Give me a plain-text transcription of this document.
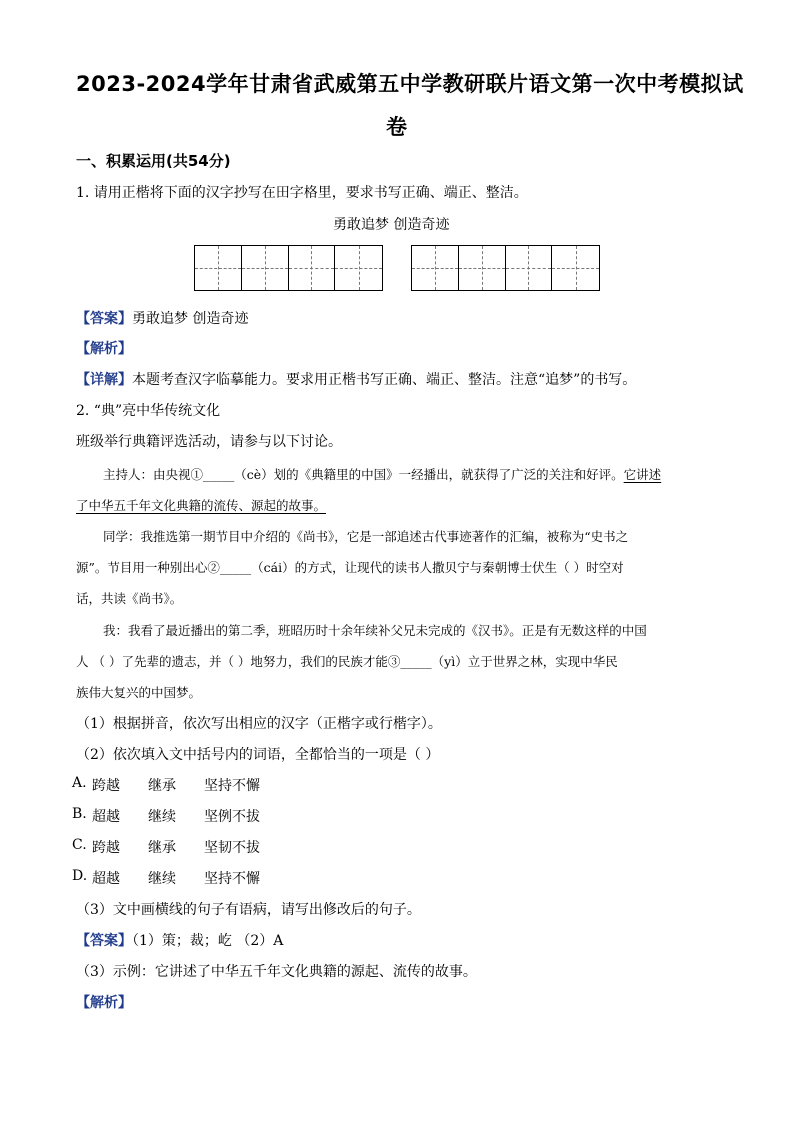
2023-2024学年甘肃省武威第五中学教研联片语文第一次中考模拟试
卷
一、积累运用(共54分)
1. 请用正楷将下面的汉字抄写在田字格里，要求书写正确、端正、整洁。
勇敢追梦 创造奇迹
【答案】勇敢追梦 创造奇迹
【解析】
【详解】本题考查汉字临摹能力。要求用正楷书写正确、端正、整洁。注意“追梦”的书写。
2. “典”亮中华传统文化
班级举行典籍评选活动，请参与以下讨论。
主持人：由央视①_____（cè）划的《典籍里的中国》一经播出，就获得了广泛的关注和好评。它讲述
了中华五千年文化典籍的流传、源起的故事。
同学：我推选第一期节目中介绍的《尚书》，它是一部追述古代事迹著作的汇编，被称为“史书之
源”。节目用一种别出心②_____（cái）的方式，让现代的读书人撒贝宁与秦朝博士伏生（ ）时空对
话，共读《尚书》。
我：我看了最近播出的第二季，班昭历时十余年续补父兄未完成的《汉书》。正是有无数这样的中国
人 （ ）了先辈的遗志，并（ ）地努力，我们的民族才能③_____（yì）立于世界之林，实现中华民
族伟大复兴的中国梦。
（1）根据拼音，依次写出相应的汉字（正楷字或行楷字）。
（2）依次填入文中括号内的词语，全都恰当的一项是（ ）
A. 跨越 继承 坚持不懈
B. 超越 继续 坚例不拔
C. 跨越 继承 坚韧不拔
D. 超越 继续 坚持不懈
（3）文中画横线的句子有语病，请写出修改后的句子。
【答案】（1）策；裁；屹 （2）A
（3）示例：它讲述了中华五千年文化典籍的源起、流传的故事。
【解析】
